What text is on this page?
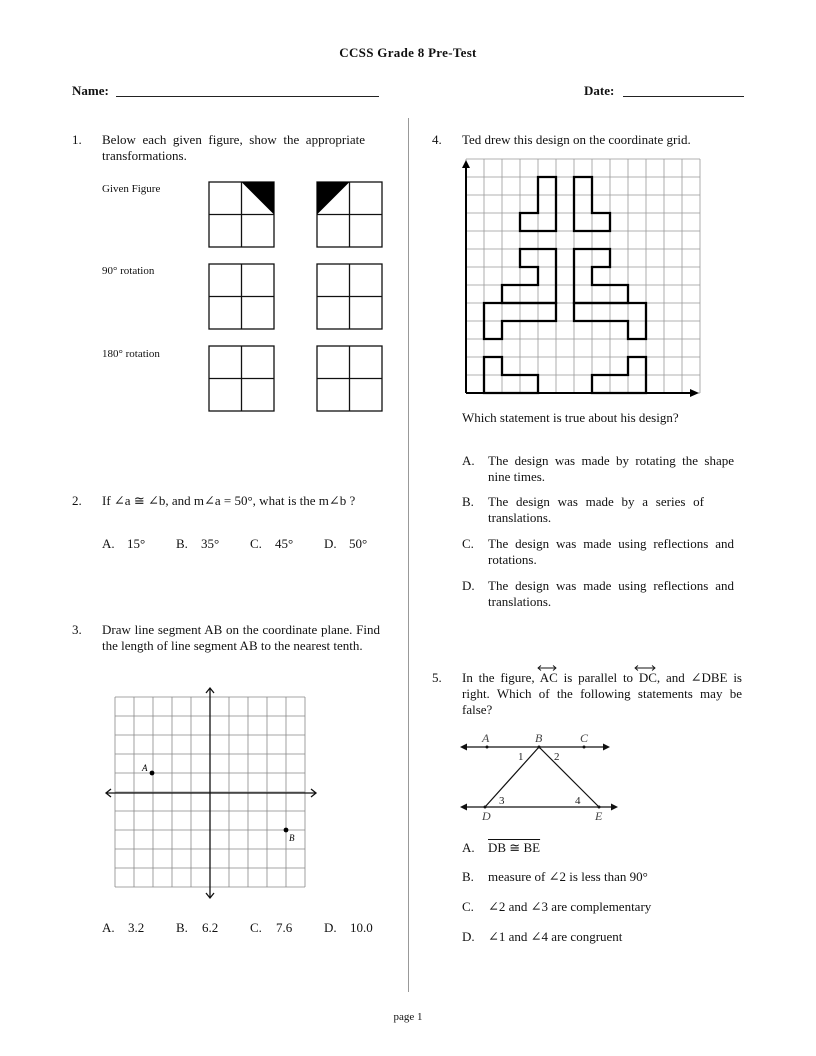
CCSS Grade 8 Pre-Test
Name:	Date:
1. Below each given figure, show the appropriate transformations.
Given Figure
90° rotation
180° rotation
2. If ∠a ≅ ∠b, and m∠a = 50°, what is the m∠b ?
A. 15° B. 35° C. 45° D. 50°
3. Draw line segment AB on the coordinate plane. Find the length of line segment AB to the nearest tenth.
A
B
A. 3.2 B. 6.2 C. 7.6 D. 10.0
4. Ted drew this design on the coordinate grid.
Which statement is true about his design?
A. The design was made by rotating the shape nine times.
B. The design was made by a series of translations.
C. The design was made using reflections and rotations.
D. The design was made using reflections and translations.
5. In the figure, AC is parallel to DC, and ∠DBE is right. Which of the following statements may be false?
A	B	C
D	E
1	2
3	4
A. DB ≅ BE
B. measure of ∠2 is less than 90°
C. ∠2 and ∠3 are complementary
D. ∠1 and ∠4 are congruent
page 1
